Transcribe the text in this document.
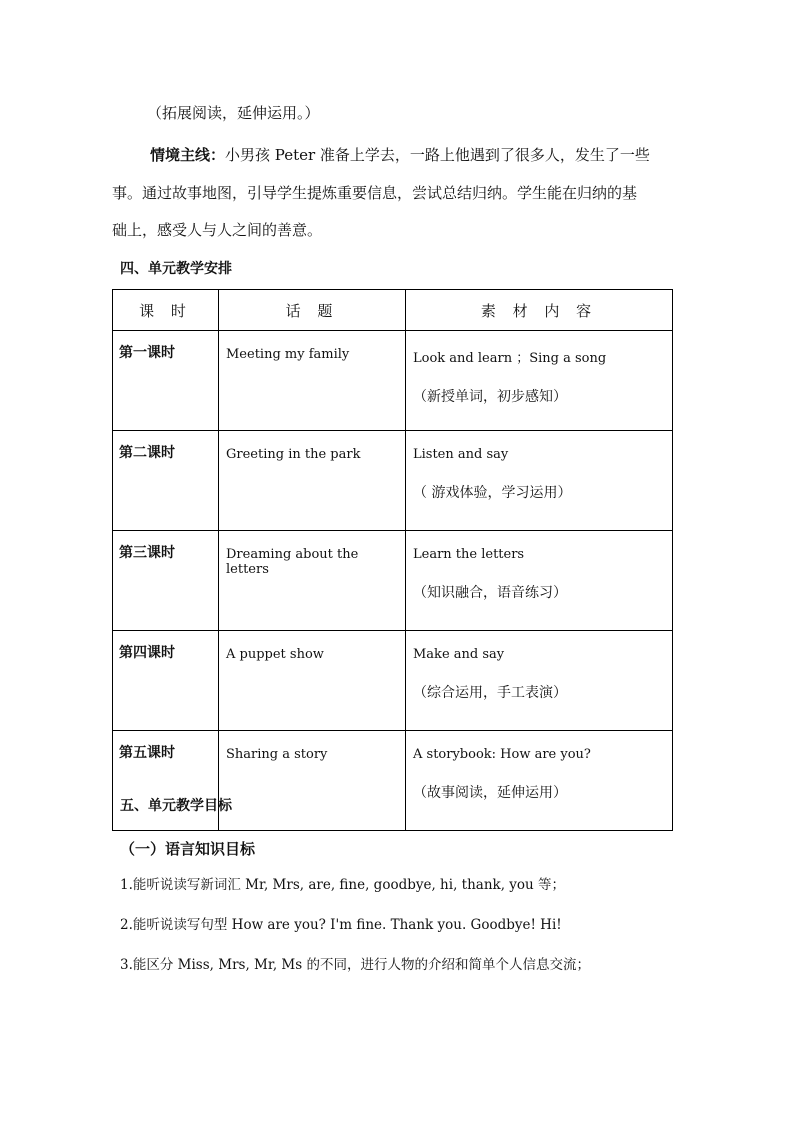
（拓展阅读，延伸运用。）
情境主线：小男孩 Peter 准备上学去，一路上他遇到了很多人，发生了一些
事。通过故事地图，引导学生提炼重要信息，尝试总结归纳。学生能在归纳的基
础上，感受人与人之间的善意。
四、单元教学安排
课 时	话 题	素 材 内 容
第一课时	Meeting my family	Look and learn ；Sing a song
（新授单词，初步感知）

第二课时	Greeting in the park	Listen and say
（ 游戏体验，学习运用）

第三课时	Dreaming about the letters	Learn the letters
（知识融合，语音练习）

第四课时	A puppet show	Make and say
（综合运用，手工表演）

第五课时	Sharing a story	A storybook: How are you?
（故事阅读，延伸运用）
五、单元教学目标
（一）语言知识目标
1.能听说读写新词汇 Mr, Mrs, are, fine, goodbye, hi, thank, you 等；
2.能听说读写句型 How are you? I'm fine. Thank you. Goodbye! Hi!
3.能区分 Miss, Mrs, Mr, Ms 的不同，进行人物的介绍和简单个人信息交流；
